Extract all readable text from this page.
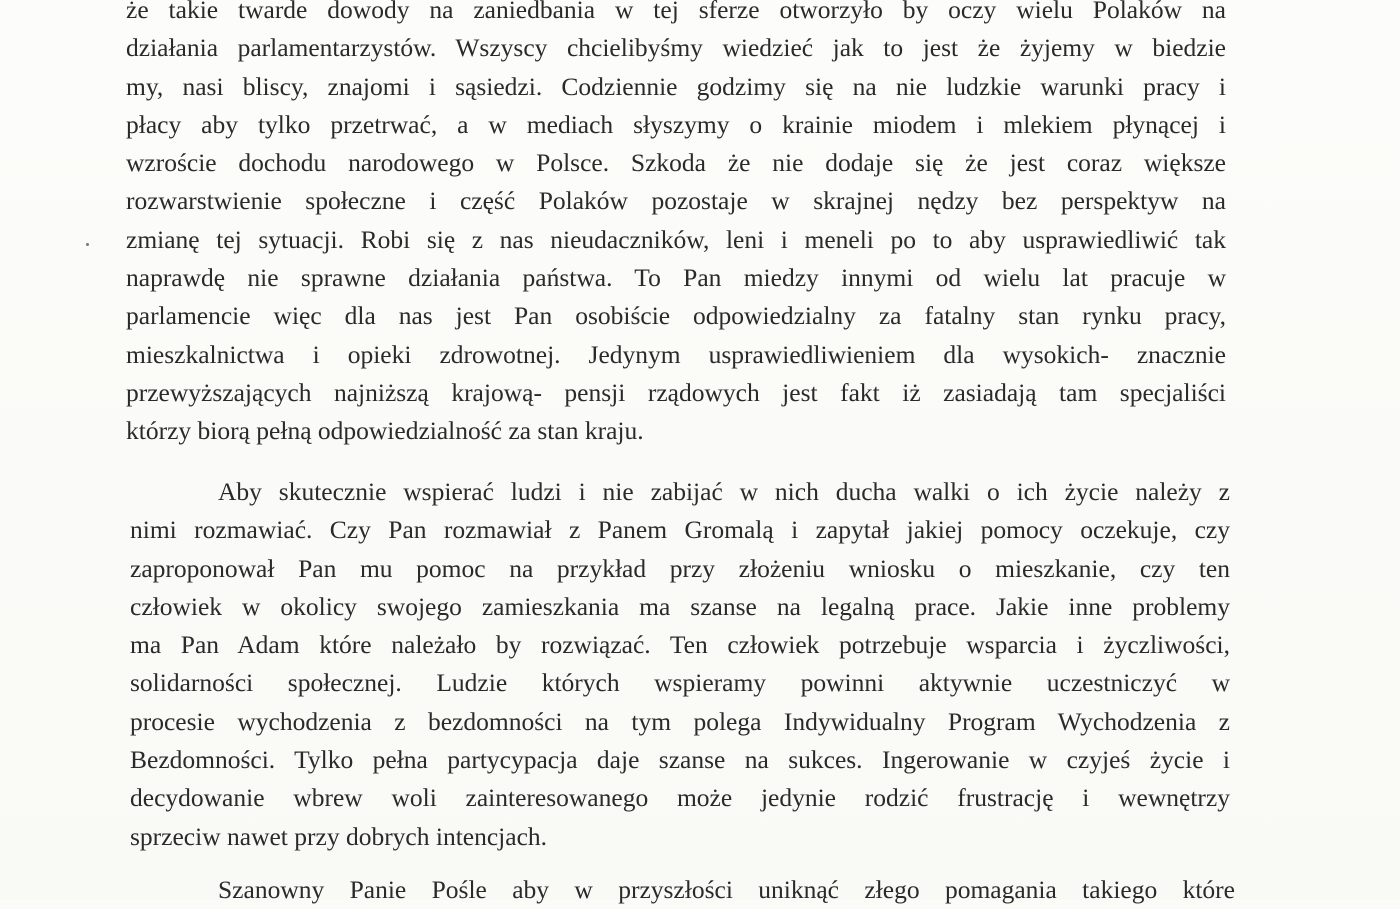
że takie twarde dowody na zaniedbania w tej sferze otworzyło by oczy wielu Polaków na
działania parlamentarzystów. Wszyscy chcielibyśmy wiedzieć jak to jest że żyjemy w biedzie
my, nasi bliscy, znajomi i sąsiedzi. Codziennie godzimy się na nie ludzkie warunki pracy i
płacy aby tylko przetrwać, a w mediach słyszymy o krainie miodem i mlekiem płynącej i
wzroście dochodu narodowego w Polsce. Szkoda że nie dodaje się że jest coraz większe
rozwarstwienie społeczne i część Polaków pozostaje w skrajnej nędzy bez perspektyw na
zmianę tej sytuacji. Robi się z nas nieudaczników, leni i meneli po to aby usprawiedliwić tak
naprawdę nie sprawne działania państwa. To Pan miedzy innymi od wielu lat pracuje w
parlamencie więc dla nas jest Pan osobiście odpowiedzialny za fatalny stan rynku pracy,
mieszkalnictwa i opieki zdrowotnej. Jedynym usprawiedliwieniem dla wysokich- znacznie
przewyższających najniższą krajową- pensji rządowych jest fakt iż zasiadają tam specjaliści
którzy biorą pełną odpowiedzialność za stan kraju.
Aby skutecznie wspierać ludzi i nie zabijać w nich ducha walki o ich życie należy z
nimi rozmawiać. Czy Pan rozmawiał z Panem Gromalą i zapytał jakiej pomocy oczekuje, czy
zaproponował Pan mu pomoc na przykład przy złożeniu wniosku o mieszkanie, czy ten
człowiek w okolicy swojego zamieszkania ma szanse na legalną prace. Jakie inne problemy
ma Pan Adam które należało by rozwiązać. Ten człowiek potrzebuje wsparcia i życzliwości,
solidarności społecznej. Ludzie których wspieramy powinni aktywnie uczestniczyć w
procesie wychodzenia z bezdomności na tym polega Indywidualny Program Wychodzenia z
Bezdomności. Tylko pełna partycypacja daje szanse na sukces. Ingerowanie w czyjeś życie i
decydowanie wbrew woli zainteresowanego może jedynie rodzić frustrację i wewnętrzy
sprzeciw nawet przy dobrych intencjach.
Szanowny Panie Pośle aby w przyszłości uniknąć złego pomagania takiego które
